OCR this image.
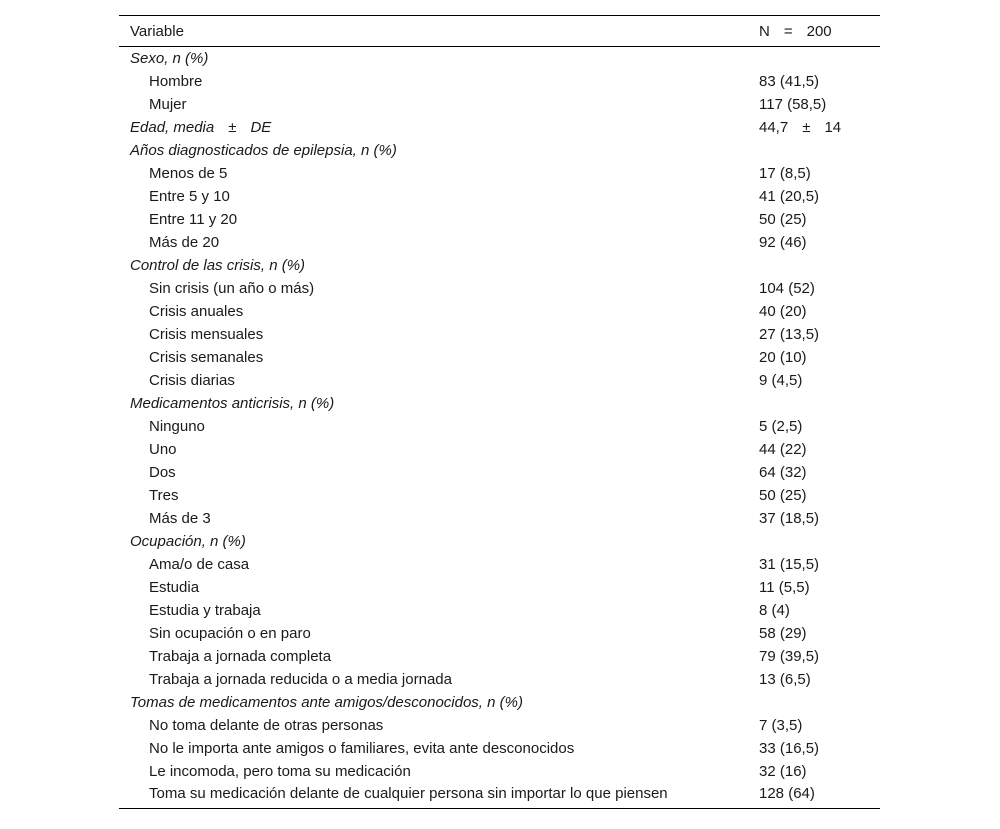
Variable	N = 200
Sexo, n (%)	
Hombre	83 (41,5)
Mujer	117 (58,5)
Edad, media ± DE	44,7 ± 14
Años diagnosticados de epilepsia, n (%)	
Menos de 5	17 (8,5)
Entre 5 y 10	41 (20,5)
Entre 11 y 20	50 (25)
Más de 20	92 (46)
Control de las crisis, n (%)	
Sin crisis (un año o más)	104 (52)
Crisis anuales	40 (20)
Crisis mensuales	27 (13,5)
Crisis semanales	20 (10)
Crisis diarias	9 (4,5)
Medicamentos anticrisis, n (%)	
Ninguno	5 (2,5)
Uno	44 (22)
Dos	64 (32)
Tres	50 (25)
Más de 3	37 (18,5)
Ocupación, n (%)	
Ama/o de casa	31 (15,5)
Estudia	11 (5,5)
Estudia y trabaja	8 (4)
Sin ocupación o en paro	58 (29)
Trabaja a jornada completa	79 (39,5)
Trabaja a jornada reducida o a media jornada	13 (6,5)
Tomas de medicamentos ante amigos/desconocidos, n (%)	
No toma delante de otras personas	7 (3,5)
No le importa ante amigos o familiares, evita ante desconocidos	33 (16,5)
Le incomoda, pero toma su medicación	32 (16)
Toma su medicación delante de cualquier persona sin importar lo que piensen	128 (64)
